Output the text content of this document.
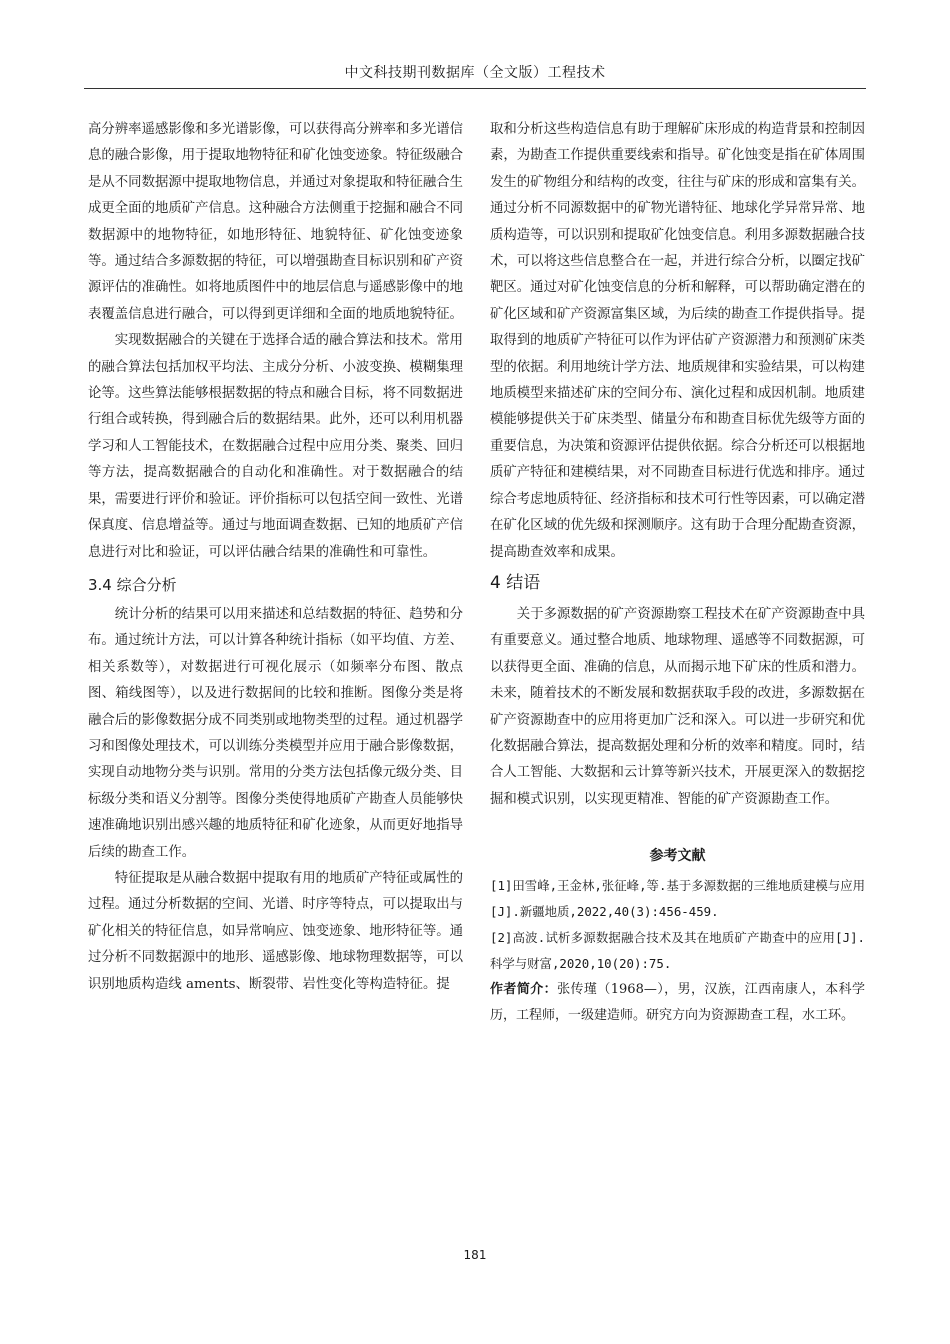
中文科技期刊数据库（全文版）工程技术

高分辨率遥感影像和多光谱影像，可以获得高分辨率和多光谱信息的融合影像，用于提取地物特征和矿化蚀变迹象。特征级融合是从不同数据源中提取地物信息，并通过对象提取和特征融合生成更全面的地质矿产信息。这种融合方法侧重于挖掘和融合不同数据源中的地物特征，如地形特征、地貌特征、矿化蚀变迹象等。通过结合多源数据的特征，可以增强勘查目标识别和矿产资源评估的准确性。如将地质图件中的地层信息与遥感影像中的地表覆盖信息进行融合，可以得到更详细和全面的地质地貌特征。

实现数据融合的关键在于选择合适的融合算法和技术。常用的融合算法包括加权平均法、主成分分析、小波变换、模糊集理论等。这些算法能够根据数据的特点和融合目标，将不同数据进行组合或转换，得到融合后的数据结果。此外，还可以利用机器学习和人工智能技术，在数据融合过程中应用分类、聚类、回归等方法，提高数据融合的自动化和准确性。对于数据融合的结果，需要进行评价和验证。评价指标可以包括空间一致性、光谱保真度、信息增益等。通过与地面调查数据、已知的地质矿产信息进行对比和验证，可以评估融合结果的准确性和可靠性。

3.4 综合分析

统计分析的结果可以用来描述和总结数据的特征、趋势和分布。通过统计方法，可以计算各种统计指标（如平均值、方差、相关系数等），对数据进行可视化展示（如频率分布图、散点图、箱线图等），以及进行数据间的比较和推断。图像分类是将融合后的影像数据分成不同类别或地物类型的过程。通过机器学习和图像处理技术，可以训练分类模型并应用于融合影像数据，实现自动地物分类与识别。常用的分类方法包括像元级分类、目标级分类和语义分割等。图像分类使得地质矿产勘查人员能够快速准确地识别出感兴趣的地质特征和矿化迹象，从而更好地指导后续的勘查工作。

特征提取是从融合数据中提取有用的地质矿产特征或属性的过程。通过分析数据的空间、光谱、时序等特点，可以提取出与矿化相关的特征信息，如异常响应、蚀变迹象、地形特征等。通过分析不同数据源中的地形、遥感影像、地球物理数据等，可以识别地质构造线 aments、断裂带、岩性变化等构造特征。提

取和分析这些构造信息有助于理解矿床形成的构造背景和控制因素，为勘查工作提供重要线索和指导。矿化蚀变是指在矿体周围发生的矿物组分和结构的改变，往往与矿床的形成和富集有关。通过分析不同源数据中的矿物光谱特征、地球化学异常异常、地质构造等，可以识别和提取矿化蚀变信息。利用多源数据融合技术，可以将这些信息整合在一起，并进行综合分析，以圈定找矿靶区。通过对矿化蚀变信息的分析和解释，可以帮助确定潜在的矿化区域和矿产资源富集区域，为后续的勘查工作提供指导。提取得到的地质矿产特征可以作为评估矿产资源潜力和预测矿床类型的依据。利用地统计学方法、地质规律和实验结果，可以构建地质模型来描述矿床的空间分布、演化过程和成因机制。地质建模能够提供关于矿床类型、储量分布和勘查目标优先级等方面的重要信息，为决策和资源评估提供依据。综合分析还可以根据地质矿产特征和建模结果，对不同勘查目标进行优选和排序。通过综合考虑地质特征、经济指标和技术可行性等因素，可以确定潜在矿化区域的优先级和探测顺序。这有助于合理分配勘查资源，提高勘查效率和成果。

4 结语

关于多源数据的矿产资源勘察工程技术在矿产资源勘查中具有重要意义。通过整合地质、地球物理、遥感等不同数据源，可以获得更全面、准确的信息，从而揭示地下矿床的性质和潜力。未来，随着技术的不断发展和数据获取手段的改进，多源数据在矿产资源勘查中的应用将更加广泛和深入。可以进一步研究和优化数据融合算法，提高数据处理和分析的效率和精度。同时，结合人工智能、大数据和云计算等新兴技术，开展更深入的数据挖掘和模式识别，以实现更精准、智能的矿产资源勘查工作。

参考文献

[1]田雪峰,王金林,张征峰,等.基于多源数据的三维地质建模与应用[J].新疆地质,2022,40(3):456-459.

[2]高波.试析多源数据融合技术及其在地质矿产勘查中的应用[J].科学与财富,2020,10(20):75.

作者简介：张传瑾（1968—），男，汉族，江西南康人，本科学历，工程师，一级建造师。研究方向为资源勘查工程，水工环。

181
